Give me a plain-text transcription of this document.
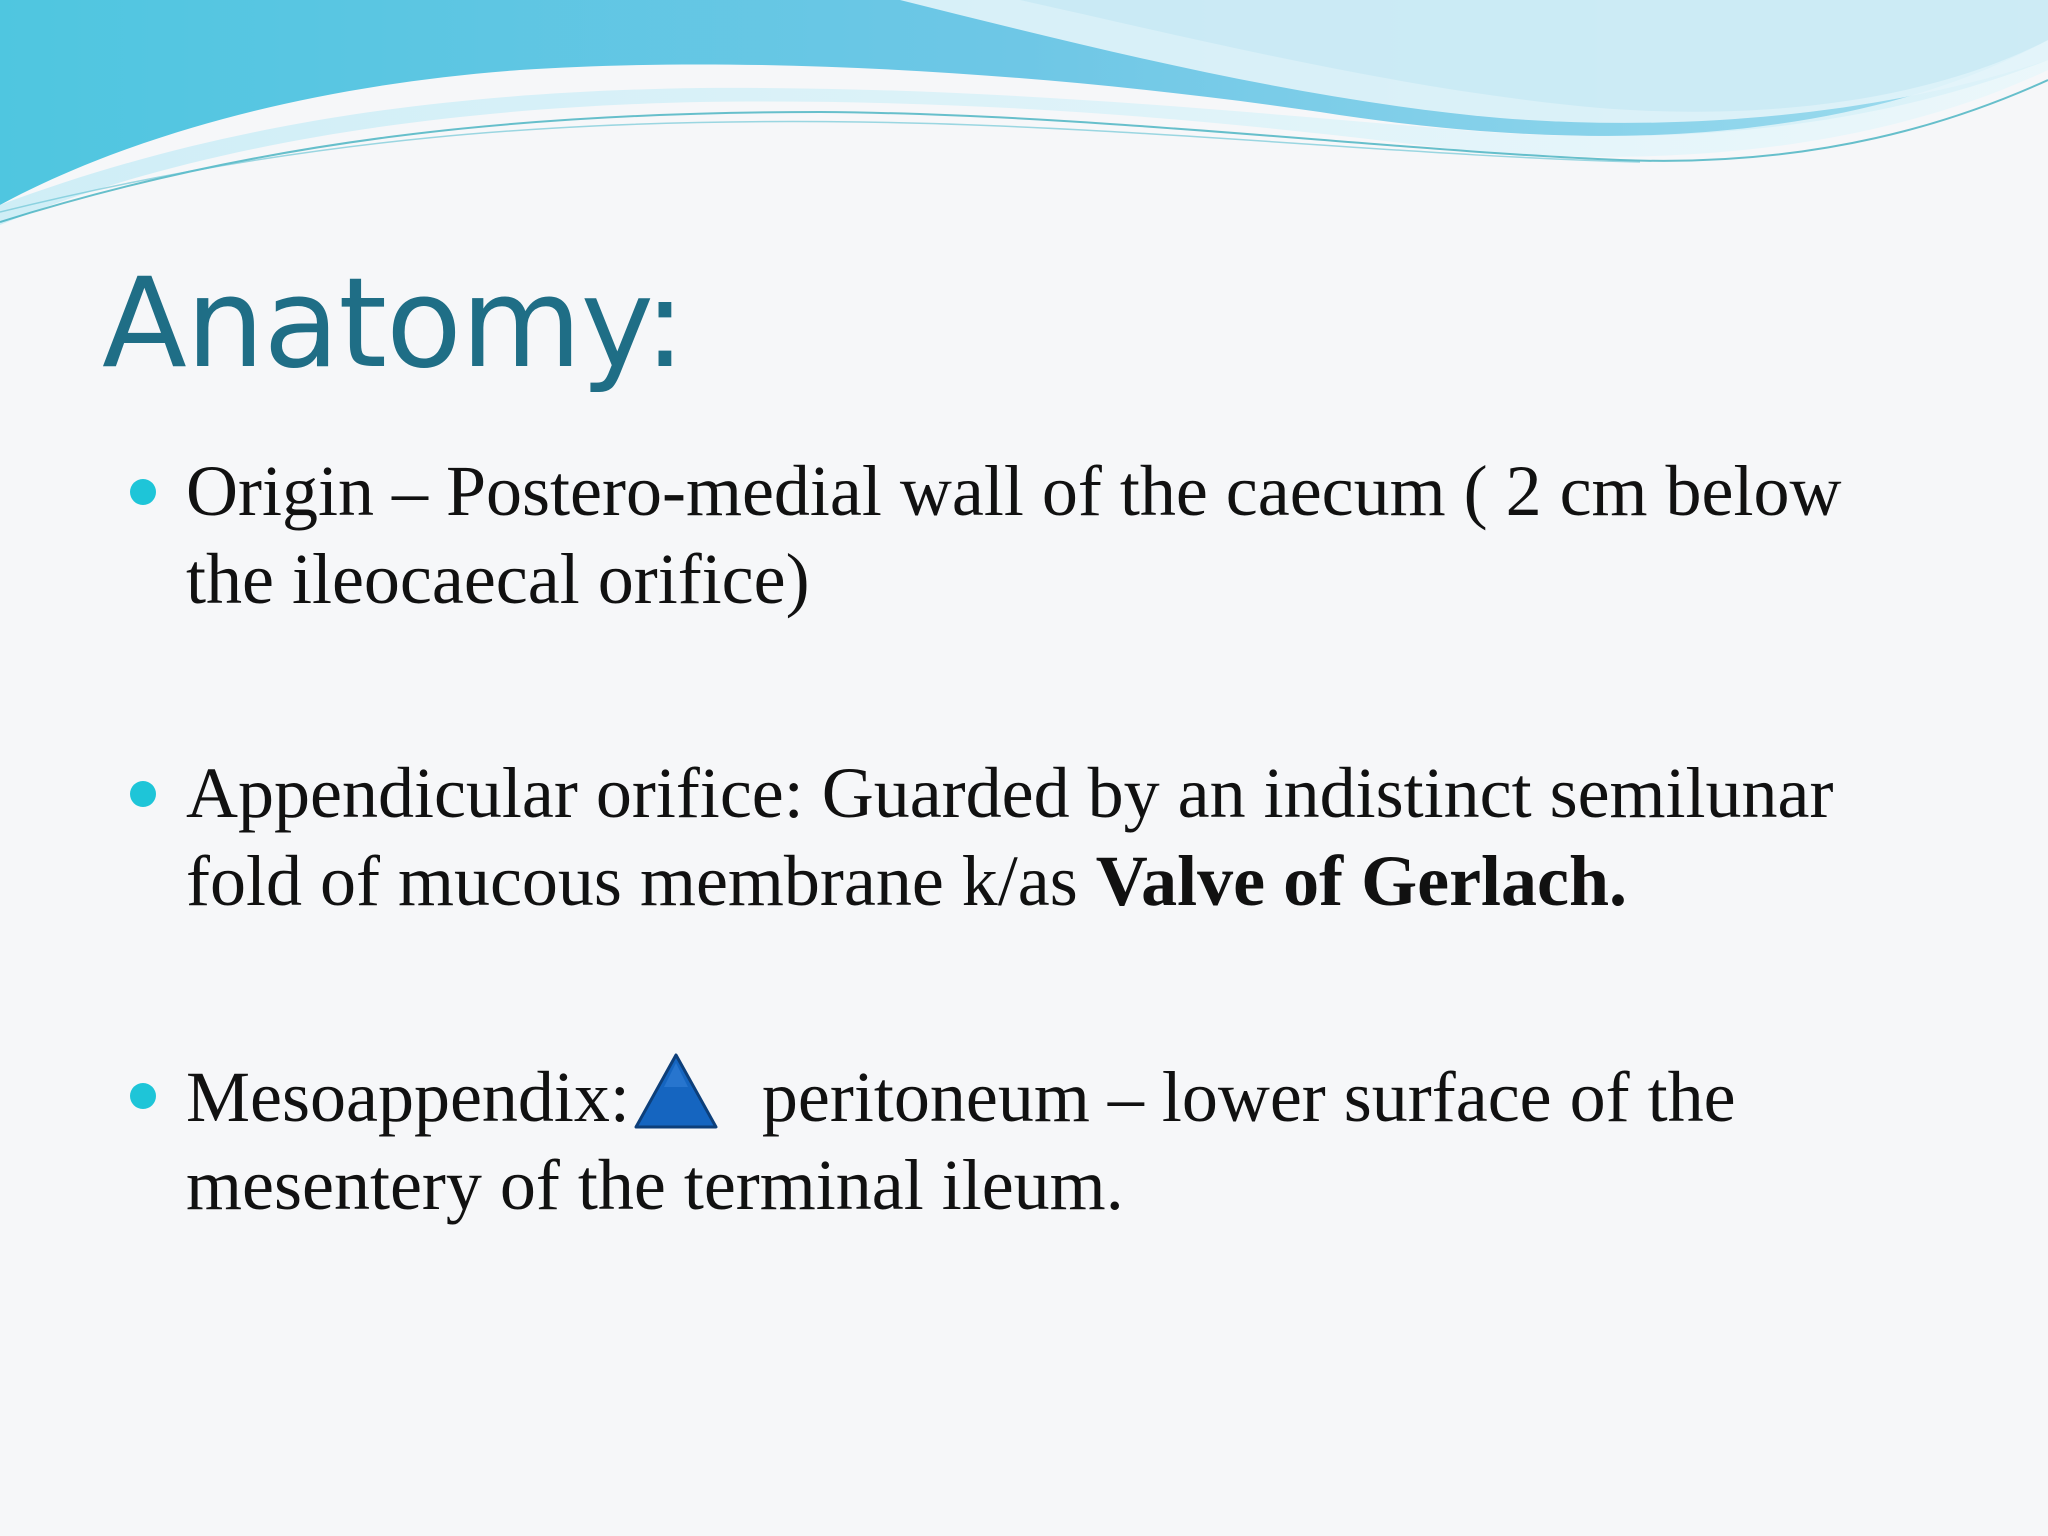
Anatomy:
Origin – Postero-medial wall of the caecum ( 2 cm below the ileocaecal orifice)
Appendicular orifice: Guarded by an indistinct semilunar fold of mucous membrane k/as Valve of Gerlach.
Mesoappendix: peritoneum – lower surface of the mesentery of the terminal ileum.
